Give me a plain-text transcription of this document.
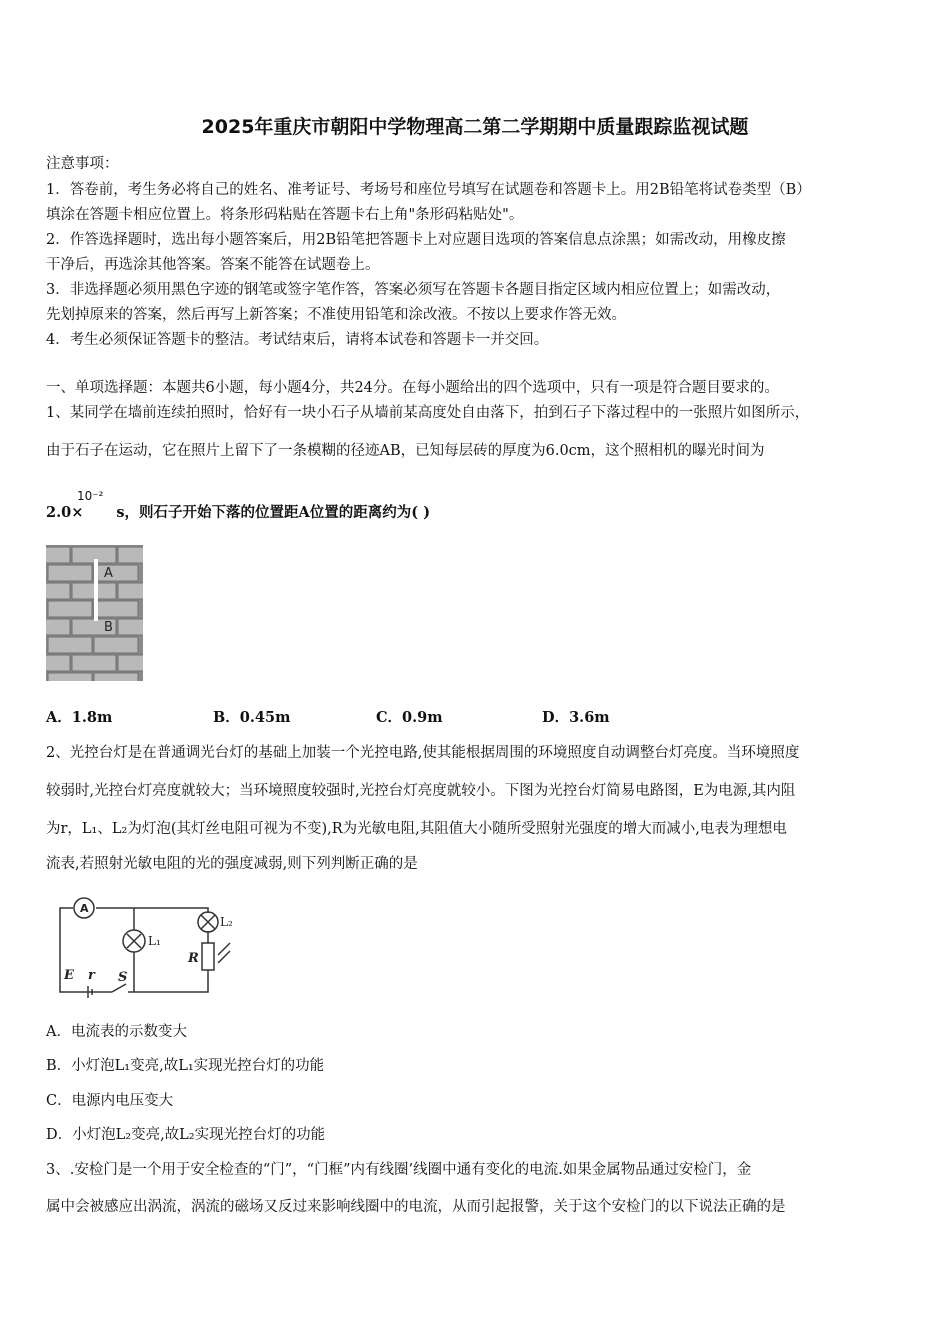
2025年重庆市朝阳中学物理高二第二学期期中质量跟踪监视试题
注意事项：
1．答卷前，考生务必将自己的姓名、准考证号、考场号和座位号填写在试题卷和答题卡上。用2B铅笔将试卷类型（B）
填涂在答题卡相应位置上。将条形码粘贴在答题卡右上角"条形码粘贴处"。
2．作答选择题时，选出每小题答案后，用2B铅笔把答题卡上对应题目选项的答案信息点涂黑；如需改动，用橡皮擦
干净后，再选涂其他答案。答案不能答在试题卷上。
3．非选择题必须用黑色字迹的钢笔或签字笔作答，答案必须写在答题卡各题目指定区域内相应位置上；如需改动，
先划掉原来的答案，然后再写上新答案；不准使用铅笔和涂改液。不按以上要求作答无效。
4．考生必须保证答题卡的整洁。考试结束后，请将本试卷和答题卡一并交回。
一、单项选择题：本题共6小题，每小题4分，共24分。在每小题给出的四个选项中，只有一项是符合题目要求的。
1、某同学在墙前连续拍照时，恰好有一块小石子从墙前某高度处自由落下，拍到石子下落过程中的一张照片如图所示，
由于石子在运动，它在照片上留下了一条模糊的径迹AB，已知每层砖的厚度为6.0cm，这个照相机的曝光时间为
2.0× s，则石子开始下落的位置距A位置的距离约为( )
10⁻²
A
B
A．1.8m	B．0.45m	C．0.9m	D．3.6m
2、光控台灯是在普通调光台灯的基础上加装一个光控电路,使其能根据周围的环境照度自动调整台灯亮度。当环境照度
较弱时,光控台灯亮度就较大；当环境照度较强时,光控台灯亮度就较小。下图为光控台灯简易电路图，E为电源,其内阻
为r，L₁、L₂为灯泡(其灯丝电阻可视为不变),R为光敏电阻,其阻值大小随所受照射光强度的增大而减小,电表为理想电
流表,若照射光敏电阻的光的强度减弱,则下列判断正确的是
A
L₁
L₂
R
E r S
A．电流表的示数变大
B．小灯泡L₁变亮,故L₁实现光控台灯的功能
C．电源内电压变大
D．小灯泡L₂变亮,故L₂实现光控台灯的功能
3、.安检门是一个用于安全检查的“门”，“门框”内有线圈’线圈中通有变化的电流.如果金属物品通过安检门，金
属中会被感应出涡流，涡流的磁场又反过来影响线圈中的电流，从而引起报警，关于这个安检门的以下说法正确的是
